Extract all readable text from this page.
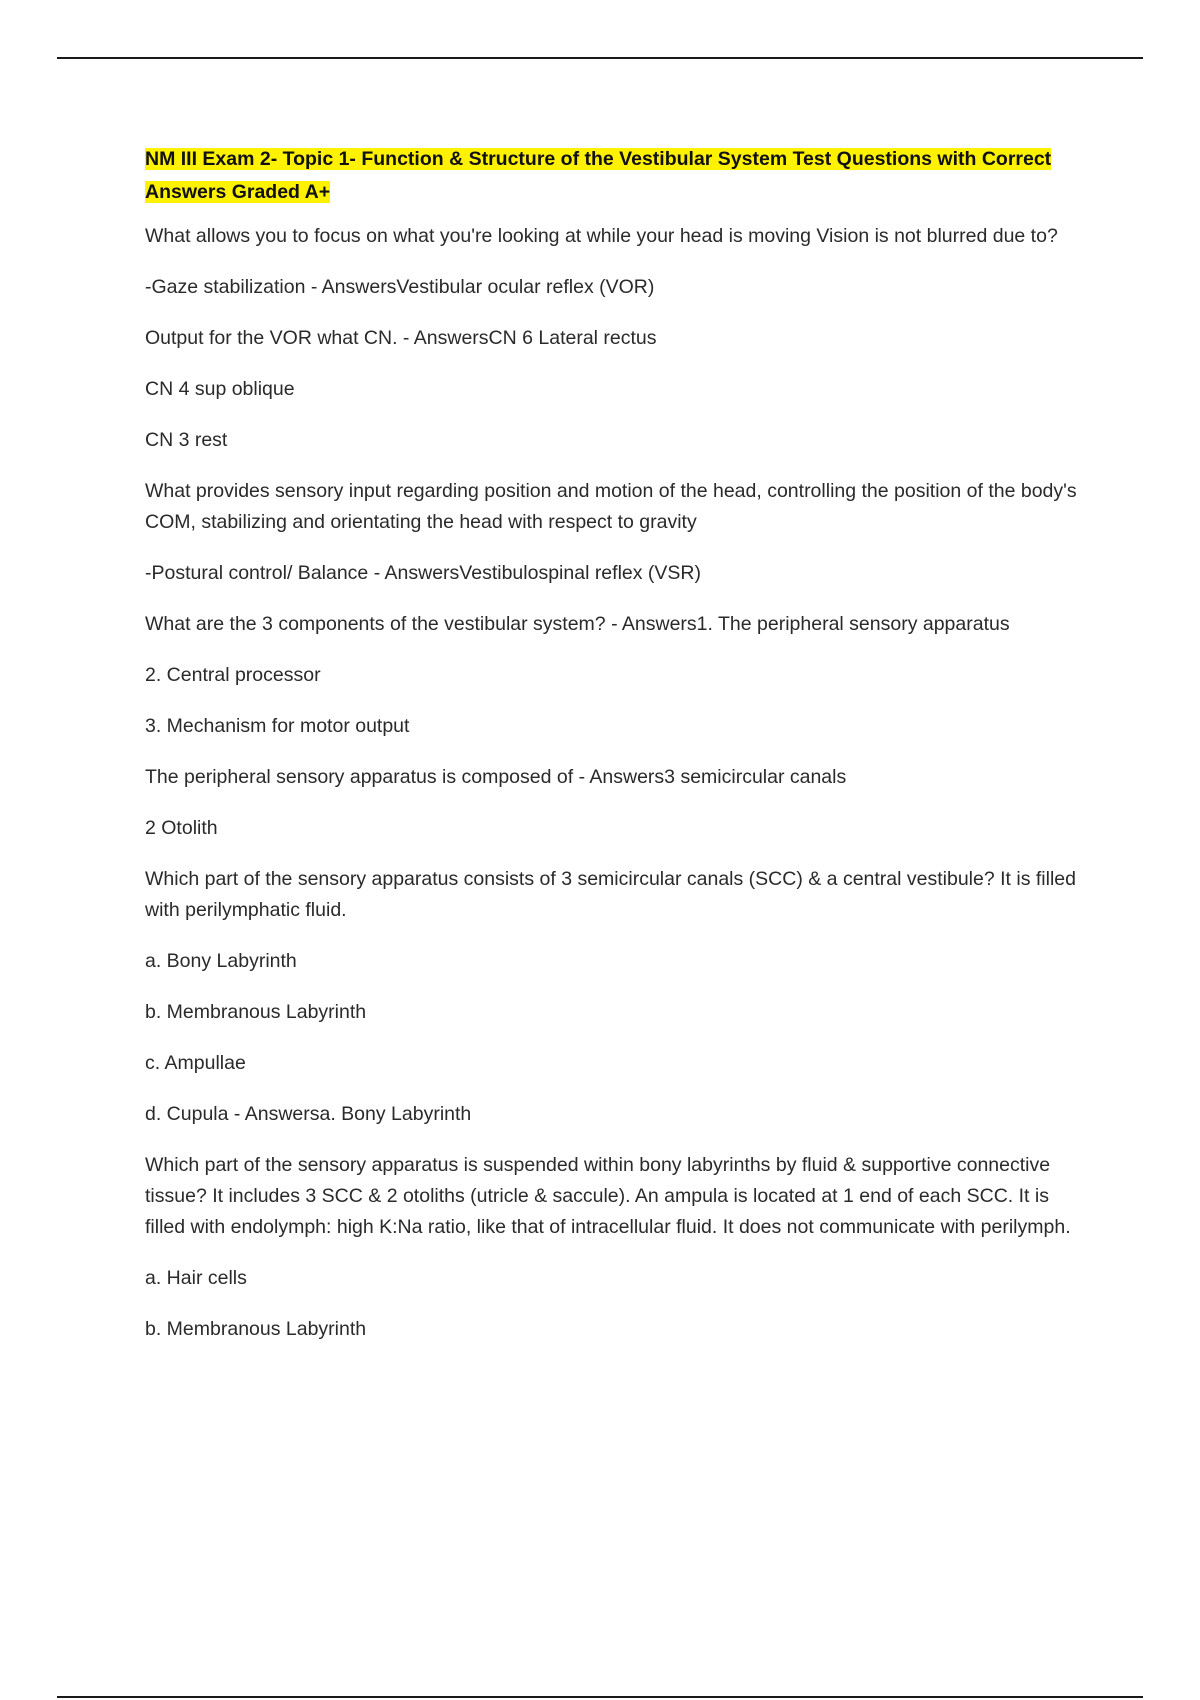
NM III Exam 2- Topic 1- Function & Structure of the Vestibular System Test Questions with Correct Answers Graded A+

What allows you to focus on what you're looking at while your head is moving Vision is not blurred due to?

-Gaze stabilization - AnswersVestibular ocular reflex (VOR)

Output for the VOR what CN. - AnswersCN 6 Lateral rectus

CN 4 sup oblique

CN 3 rest

What provides sensory input regarding position and motion of the head, controlling the position of the body's COM, stabilizing and orientating the head with respect to gravity

-Postural control/ Balance - AnswersVestibulospinal reflex (VSR)

What are the 3 components of the vestibular system? - Answers1. The peripheral sensory apparatus

2. Central processor

3. Mechanism for motor output

The peripheral sensory apparatus is composed of - Answers3 semicircular canals

2 Otolith

Which part of the sensory apparatus consists of 3 semicircular canals (SCC) & a central vestibule? It is filled with perilymphatic fluid.

a. Bony Labyrinth

b. Membranous Labyrinth

c. Ampullae

d. Cupula - Answersa. Bony Labyrinth

Which part of the sensory apparatus is suspended within bony labyrinths by fluid & supportive connective tissue? It includes 3 SCC & 2 otoliths (utricle & saccule). An ampula is located at 1 end of each SCC. It is filled with endolymph: high K:Na ratio, like that of intracellular fluid. It does not communicate with perilymph.

a. Hair cells

b. Membranous Labyrinth
